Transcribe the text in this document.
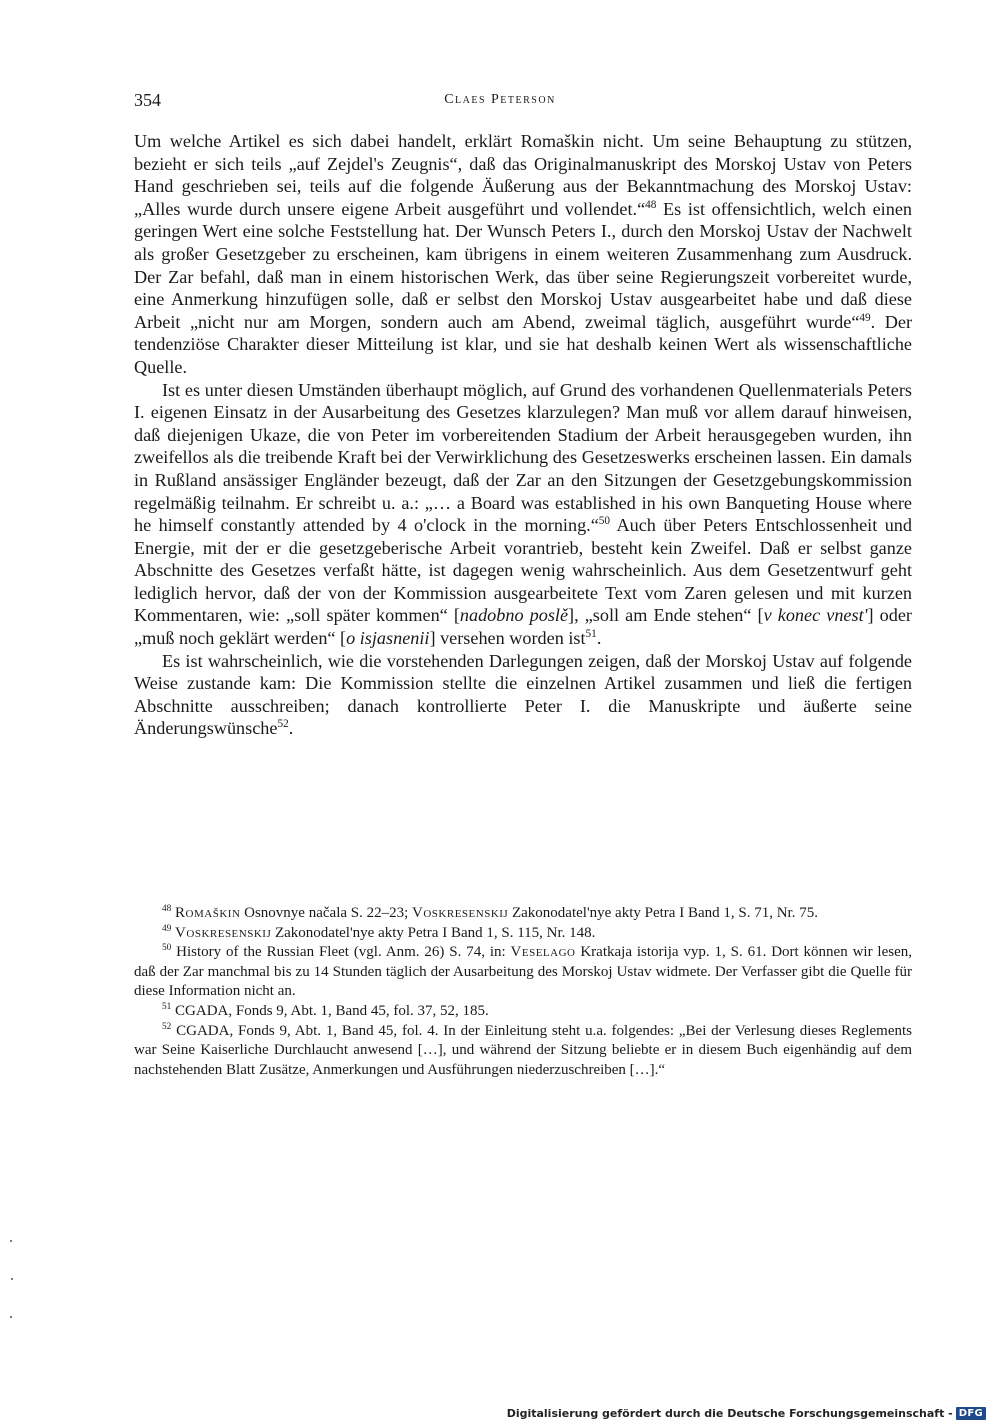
354	Claes Peterson

Um welche Artikel es sich dabei handelt, erklärt Romaškin nicht. Um seine Behauptung zu stützen, bezieht er sich teils „auf Zejdel's Zeugnis“, daß das Originalmanuskript des Morskoj Ustav von Peters Hand geschrieben sei, teils auf die folgende Äußerung aus der Bekanntmachung des Morskoj Ustav: „Alles wurde durch unsere eigene Arbeit ausgeführt und vollendet.“$^{48}$ Es ist offensichtlich, welch einen geringen Wert eine solche Feststellung hat. Der Wunsch Peters I., durch den Morskoj Ustav der Nachwelt als großer Gesetzgeber zu erscheinen, kam übrigens in einem weiteren Zusammenhang zum Ausdruck. Der Zar befahl, daß man in einem historischen Werk, das über seine Regierungszeit vorbereitet wurde, eine Anmerkung hinzufügen solle, daß er selbst den Morskoj Ustav ausgearbeitet habe und daß diese Arbeit „nicht nur am Morgen, sondern auch am Abend, zweimal täglich, ausgeführt wurde“$^{49}$. Der tendenziöse Charakter dieser Mitteilung ist klar, und sie hat deshalb keinen Wert als wissenschaftliche Quelle.

Ist es unter diesen Umständen überhaupt möglich, auf Grund des vorhandenen Quellenmaterials Peters I. eigenen Einsatz in der Ausarbeitung des Gesetzes klarzulegen? Man muß vor allem darauf hinweisen, daß diejenigen Ukaze, die von Peter im vorbereitenden Stadium der Arbeit herausgegeben wurden, ihn zweifellos als die treibende Kraft bei der Verwirklichung des Gesetzeswerks erscheinen lassen. Ein damals in Rußland ansässiger Engländer bezeugt, daß der Zar an den Sitzungen der Gesetzgebungskommission regelmäßig teilnahm. Er schreibt u. a.: „… a Board was established in his own Banqueting House where he himself constantly attended by 4 o'clock in the morning.“$^{50}$ Auch über Peters Entschlossenheit und Energie, mit der er die gesetzgeberische Arbeit vorantrieb, besteht kein Zweifel. Daß er selbst ganze Abschnitte des Gesetzes verfaßt hätte, ist dagegen wenig wahrscheinlich. Aus dem Gesetzentwurf geht lediglich hervor, daß der von der Kommission ausgearbeitete Text vom Zaren gelesen und mit kurzen Kommentaren, wie: „soll später kommen“ [nadobno poslě], „soll am Ende stehen“ [v konec vnest'] oder „muß noch geklärt werden“ [o isjasnenii] versehen worden ist$^{51}$.

Es ist wahrscheinlich, wie die vorstehenden Darlegungen zeigen, daß der Morskoj Ustav auf folgende Weise zustande kam: Die Kommission stellte die einzelnen Artikel zusammen und ließ die fertigen Abschnitte ausschreiben; danach kontrollierte Peter I. die Manuskripte und äußerte seine Änderungswünsche$^{52}$.

$^{48}$ Romaškin Osnovnye načala S. 22–23; Voskresenskij Zakonodatel'nye akty Petra I Band 1, S. 71, Nr. 75.

$^{49}$ Voskresenskij Zakonodatel'nye akty Petra I Band 1, S. 115, Nr. 148.

$^{50}$ History of the Russian Fleet (vgl. Anm. 26) S. 74, in: Veselago Kratkaja istorija vyp. 1, S. 61. Dort können wir lesen, daß der Zar manchmal bis zu 14 Stunden täglich der Ausarbeitung des Morskoj Ustav widmete. Der Verfasser gibt die Quelle für diese Information nicht an.

$^{51}$ CGADA, Fonds 9, Abt. 1, Band 45, fol. 37, 52, 185.

$^{52}$ CGADA, Fonds 9, Abt. 1, Band 45, fol. 4. In der Einleitung steht u.a. folgendes: „Bei der Verlesung dieses Reglements war Seine Kaiserliche Durchlaucht anwesend […], und während der Sitzung beliebte er in diesem Buch eigenhändig auf dem nachstehenden Blatt Zusätze, Anmerkungen und Ausführungen niederzuschreiben […].“

Digitalisierung gefördert durch die Deutsche Forschungsgemeinschaft - DFG
